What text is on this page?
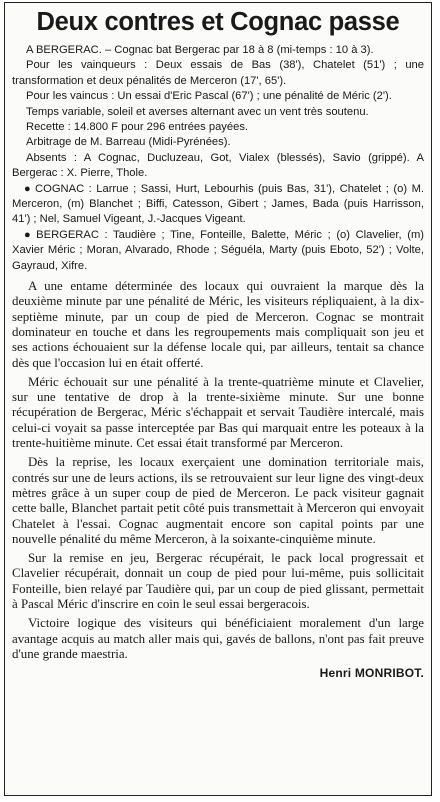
Deux contres et Cognac passe

A BERGERAC. – Cognac bat Bergerac par 18 à 8 (mi-temps : 10 à 3).

Pour les vainqueurs : Deux essais de Bas (38'), Chatelet (51') ; une transformation et deux pénalités de Merceron (17', 65').

Pour les vaincus : Un essai d'Eric Pascal (67') ; une pénalité de Méric (2').

Temps variable, soleil et averses alternant avec un vent très soutenu.

Recette : 14.800 F pour 296 entrées payées.

Arbitrage de M. Barreau (Midi-Pyrénées).

Absents : A Cognac, Ducluzeau, Got, Vialex (blessés), Savio (grippé). A Bergerac : X. Pierre, Thole.

● COGNAC : Larrue ; Sassi, Hurt, Lebourhis (puis Bas, 31'), Chatelet ; (o) M. Merceron, (m) Blanchet ; Biffi, Catesson, Gibert ; James, Bada (puis Harrisson, 41') ; Nel, Samuel Vigeant, J.-Jacques Vigeant.

● BERGERAC : Taudière ; Tine, Fonteille, Balette, Méric ; (o) Clavelier, (m) Xavier Méric ; Moran, Alvarado, Rhode ; Séguéla, Marty (puis Eboto, 52') ; Volte, Gayraud, Xifre.

A une entame déterminée des locaux qui ouvraient la marque dès la deuxième minute par une pénalité de Méric, les visiteurs répliquaient, à la dix-septième minute, par un coup de pied de Merceron. Cognac se montrait dominateur en touche et dans les regroupements mais compliquait son jeu et ses actions échouaient sur la défense locale qui, par ailleurs, tentait sa chance dès que l'occasion lui en était offerté.

Méric échouait sur une pénalité à la trente-quatrième minute et Clavelier, sur une tentative de drop à la trente-sixième minute. Sur une bonne récupération de Bergerac, Méric s'échappait et servait Taudière intercalé, mais celui-ci voyait sa passe interceptée par Bas qui marquait entre les poteaux à la trente-huitième minute. Cet essai était transformé par Merceron.

Dès la reprise, les locaux exerçaient une domination territoriale mais, contrés sur une de leurs actions, ils se retrouvaient sur leur ligne des vingt-deux mètres grâce à un super coup de pied de Merceron. Le pack visiteur gagnait cette balle, Blanchet partait petit côté puis transmettait à Merceron qui envoyait Chatelet à l'essai. Cognac augmentait encore son capital points par une nouvelle pénalité du même Merceron, à la soixante-cinquième minute.

Sur la remise en jeu, Bergerac récupérait, le pack local progressait et Clavelier récupérait, donnait un coup de pied pour lui-même, puis sollicitait Fonteille, bien relayé par Taudière qui, par un coup de pied glissant, permettait à Pascal Méric d'inscrire en coin le seul essai bergeracois.

Victoire logique des visiteurs qui bénéficiaient moralement d'un large avantage acquis au match aller mais qui, gavés de ballons, n'ont pas fait preuve d'une grande maestria.

Henri MONRIBOT.
